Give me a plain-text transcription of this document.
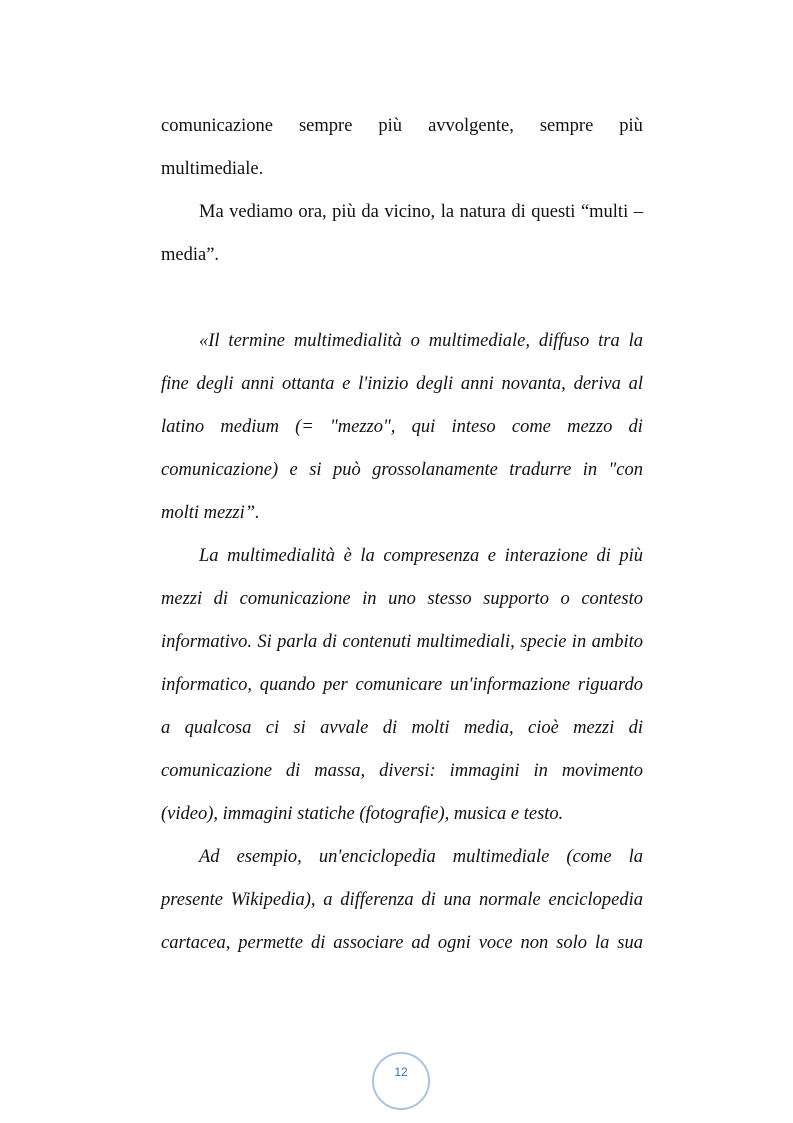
comunicazione sempre più avvolgente, sempre più
multimediale.
Ma vediamo ora, più da vicino, la natura di questi “multi –
media”.
«Il termine multimedialità o multimediale, diffuso tra la
fine degli anni ottanta e l'inizio degli anni novanta, deriva al
latino medium (= "mezzo", qui inteso come mezzo di
comunicazione) e si può grossolanamente tradurre in "con
molti mezzi”.
La multimedialità è la compresenza e interazione di più
mezzi di comunicazione in uno stesso supporto o contesto
informativo. Si parla di contenuti multimediali, specie in ambito
informatico, quando per comunicare un'informazione riguardo
a qualcosa ci si avvale di molti media, cioè mezzi di
comunicazione di massa, diversi: immagini in movimento
(video), immagini statiche (fotografie), musica e testo.
Ad esempio, un'enciclopedia multimediale (come la
presente Wikipedia), a differenza di una normale enciclopedia
cartacea, permette di associare ad ogni voce non solo la sua
12
